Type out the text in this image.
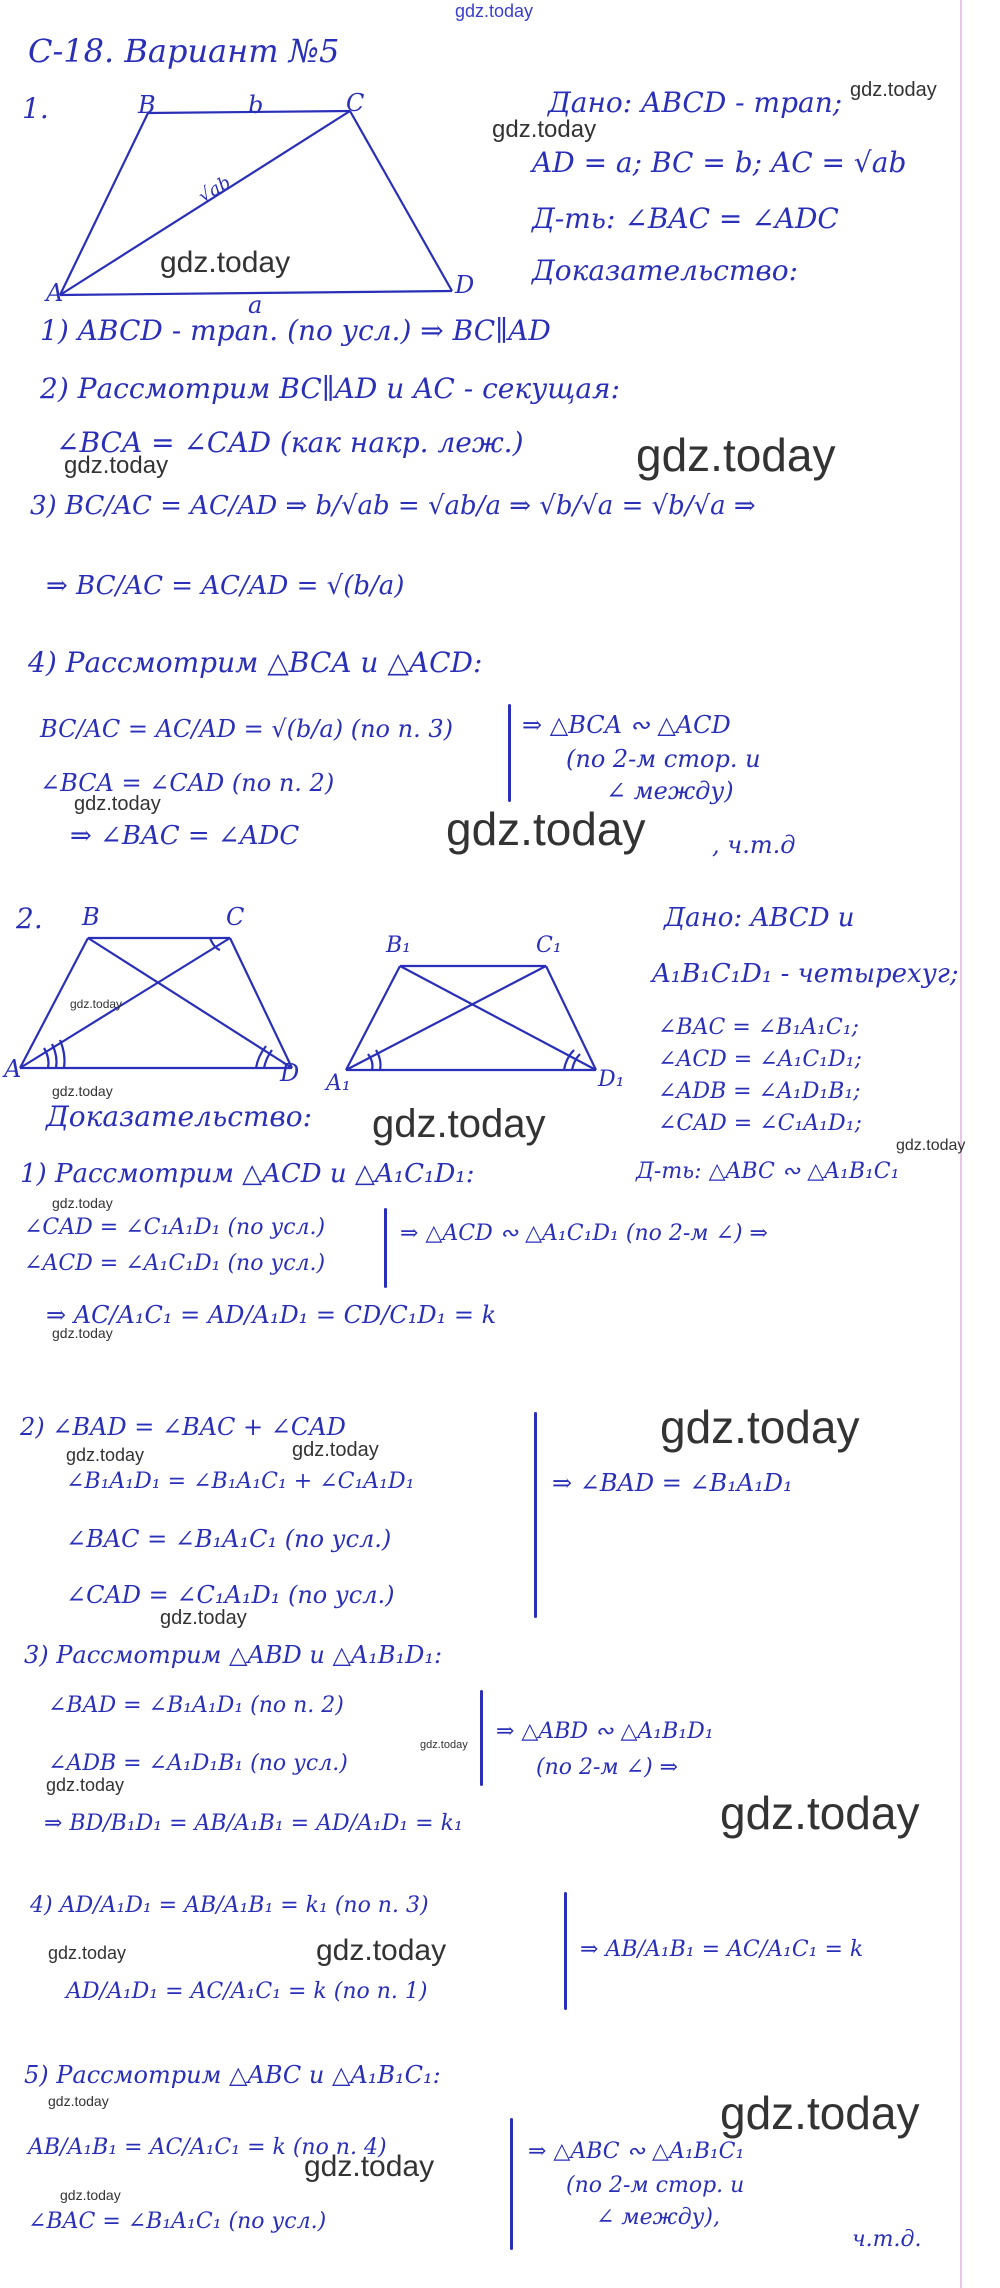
gdz.today
С-18. Вариант №5
1.	B	b	C
A	D
a
√ab
Дано: ABCD - трап;
AD = a; BC = b; AC = √ab
Д-ть: ∠BAC = ∠ADC
Доказательство:
1) ABCD - трап. (по усл.) ⇒ BC∥AD
2) Рассмотрим BC∥AD и AC - секущая:
∠BCA = ∠CAD (как накр. леж.)
3) BC/AC = AC/AD ⇒ b/√ab = √ab/a ⇒ √b/√a = √b/√a ⇒
⇒ BC/AC = AC/AD = √(b/a)
4) Рассмотрим △BCA и △ACD:
BC/AC = AC/AD = √(b/a) (по п. 3)
∠BCA = ∠CAD (по п. 2)
⇒ △BCA ∾ △ACD
(по 2-м стор. и
∠ между)
⇒ ∠BAC = ∠ADC	, ч.т.д
2. B	C
A	D
B₁	C₁
A₁	D₁
Дано: ABCD и
A₁B₁C₁D₁ - четырехуг;
∠BAC = ∠B₁A₁C₁;
∠ACD = ∠A₁C₁D₁;
∠ADB = ∠A₁D₁B₁;
∠CAD = ∠C₁A₁D₁;
Д-ть: △ABC ∾ △A₁B₁C₁
Доказательство:
1) Рассмотрим △ACD и △A₁C₁D₁:
∠CAD = ∠C₁A₁D₁ (по усл.)
∠ACD = ∠A₁C₁D₁ (по усл.)
⇒ △ACD ∾ △A₁C₁D₁ (по 2-м ∠) ⇒
⇒ AC/A₁C₁ = AD/A₁D₁ = CD/C₁D₁ = k
2) ∠BAD = ∠BAC + ∠CAD
∠B₁A₁D₁ = ∠B₁A₁C₁ + ∠C₁A₁D₁
∠BAC = ∠B₁A₁C₁ (по усл.)
∠CAD = ∠C₁A₁D₁ (по усл.)
⇒ ∠BAD = ∠B₁A₁D₁
3) Рассмотрим △ABD и △A₁B₁D₁:
∠BAD = ∠B₁A₁D₁ (по п. 2)
∠ADB = ∠A₁D₁B₁ (по усл.)
⇒ △ABD ∾ △A₁B₁D₁
(по 2-м ∠) ⇒
⇒ BD/B₁D₁ = AB/A₁B₁ = AD/A₁D₁ = k₁
4) AD/A₁D₁ = AB/A₁B₁ = k₁ (по п. 3)
AD/A₁D₁ = AC/A₁C₁ = k (по п. 1)
⇒ AB/A₁B₁ = AC/A₁C₁ = k
5) Рассмотрим △ABC и △A₁B₁C₁:
AB/A₁B₁ = AC/A₁C₁ = k (по п. 4)
∠BAC = ∠B₁A₁C₁ (по усл.)
⇒ △ABC ∾ △A₁B₁C₁
(по 2-м стор. и
∠ между),
ч.т.д.
gdz.today
gdz.today
gdz.today
gdz.today	gdz.today
gdz.today	gdz.today
gdz.today
gdz.today
gdz.today	gdz.today
gdz.today
gdz.today
gdz.today
gdz.today	gdz.today
gdz.today
gdz.today
gdz.today
gdz.today
gdz.today	gdz.today
gdz.today
gdz.today
gdz.today
gdz.today
